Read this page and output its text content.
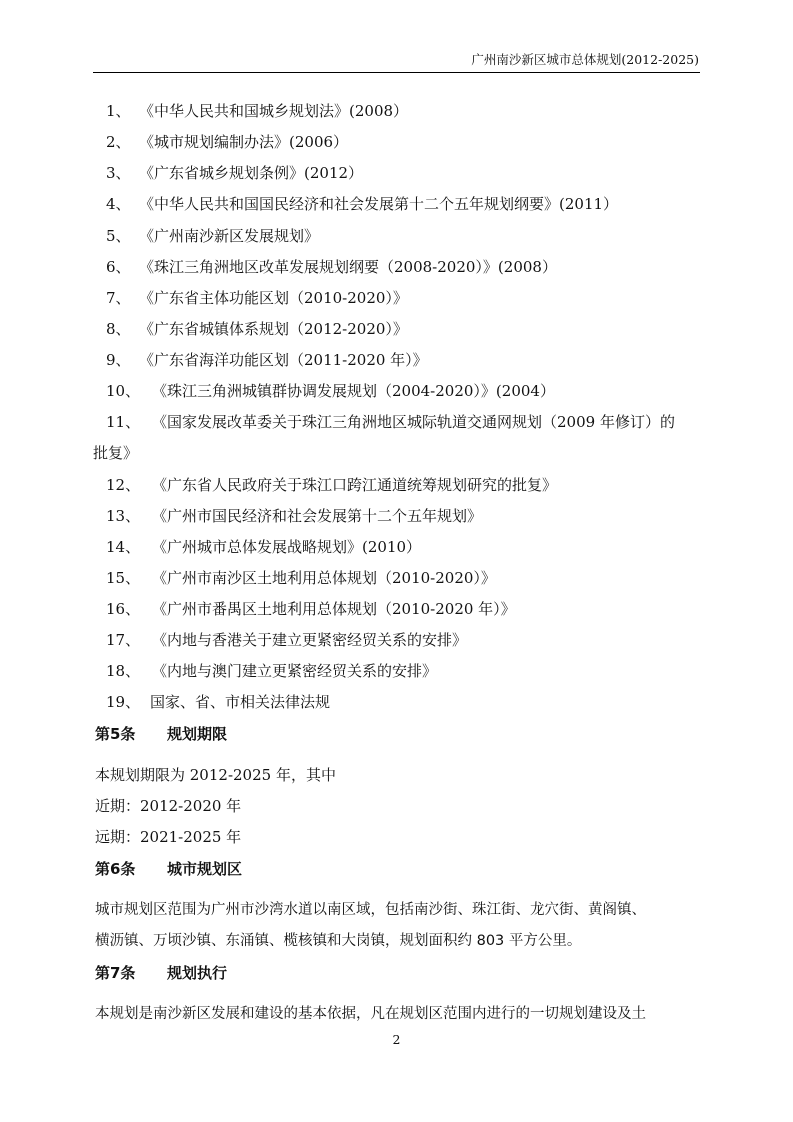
广州南沙新区城市总体规划(2012-2025)
1、 《中华人民共和国城乡规划法》(2008）
2、 《城市规划编制办法》(2006）
3、 《广东省城乡规划条例》(2012）
4、 《中华人民共和国国民经济和社会发展第十二个五年规划纲要》(2011）
5、 《广州南沙新区发展规划》
6、 《珠江三角洲地区改革发展规划纲要（2008-2020）》(2008）
7、 《广东省主体功能区划（2010-2020）》
8、 《广东省城镇体系规划（2012-2020）》
9、 《广东省海洋功能区划（2011-2020 年）》
10、 《珠江三角洲城镇群协调发展规划（2004-2020）》(2004）
11、 《国家发展改革委关于珠江三角洲地区城际轨道交通网规划（2009 年修订）的
批复》
12、 《广东省人民政府关于珠江口跨江通道统筹规划研究的批复》
13、 《广州市国民经济和社会发展第十二个五年规划》
14、 《广州城市总体发展战略规划》(2010）
15、 《广州市南沙区土地利用总体规划（2010-2020）》
16、 《广州市番禺区土地利用总体规划（2010-2020 年）》
17、 《内地与香港关于建立更紧密经贸关系的安排》
18、 《内地与澳门建立更紧密经贸关系的安排》
19、 国家、省、市相关法律法规
第5条 规划期限
本规划期限为 2012-2025 年，其中
近期：2012-2020 年
远期：2021-2025 年
第6条 城市规划区
城市规划区范围为广州市沙湾水道以南区域，包括南沙街、珠江街、龙穴街、黄阁镇、
横沥镇、万顷沙镇、东涌镇、榄核镇和大岗镇，规划面积约 803 平方公里。
第7条 规划执行
本规划是南沙新区发展和建设的基本依据，凡在规划区范围内进行的一切规划建设及土
2
